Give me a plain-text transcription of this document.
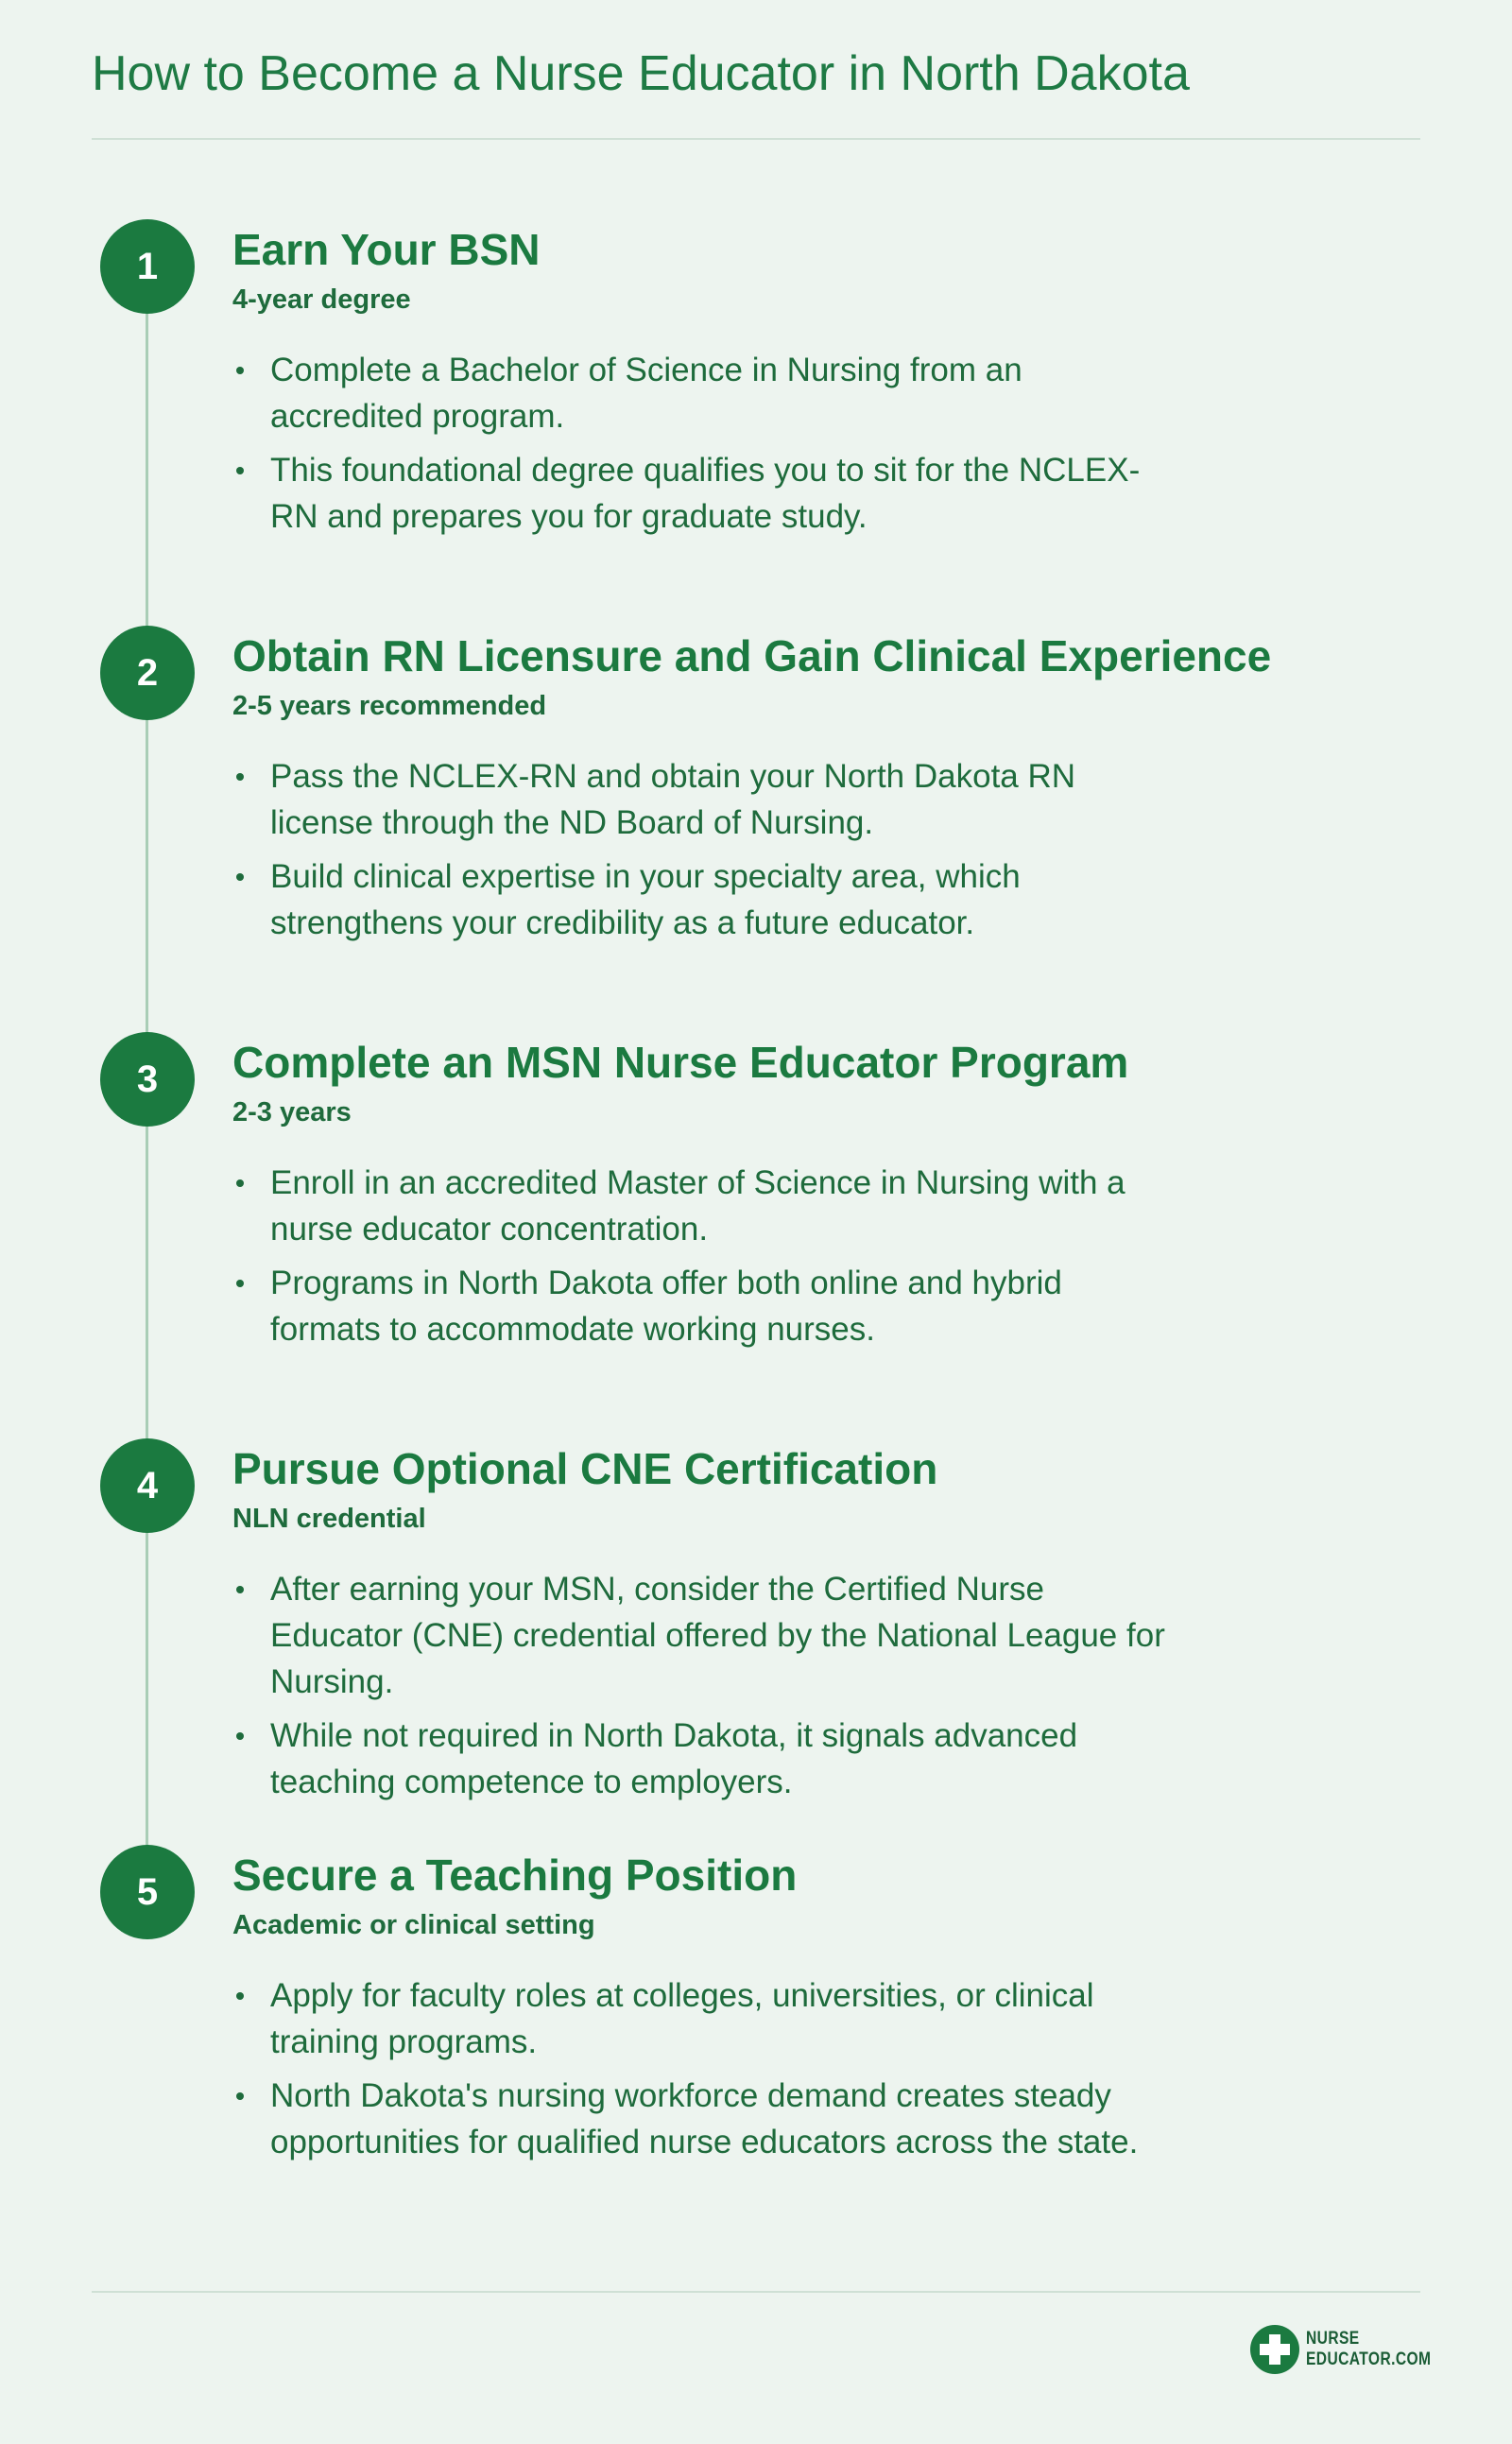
How to Become a Nurse Educator in North Dakota
1	Earn Your BSN
4-year degree
Complete a Bachelor of Science in Nursing from an accredited program.
This foundational degree qualifies you to sit for the NCLEX-RN and prepares you for graduate study.
2	Obtain RN Licensure and Gain Clinical Experience
2-5 years recommended
Pass the NCLEX-RN and obtain your North Dakota RN license through the ND Board of Nursing.
Build clinical expertise in your specialty area, which strengthens your credibility as a future educator.
3	Complete an MSN Nurse Educator Program
2-3 years
Enroll in an accredited Master of Science in Nursing with a nurse educator concentration.
Programs in North Dakota offer both online and hybrid formats to accommodate working nurses.
4	Pursue Optional CNE Certification
NLN credential
After earning your MSN, consider the Certified Nurse Educator (CNE) credential offered by the National League for Nursing.
While not required in North Dakota, it signals advanced teaching competence to employers.
5	Secure a Teaching Position
Academic or clinical setting
Apply for faculty roles at colleges, universities, or clinical training programs.
North Dakota's nursing workforce demand creates steady opportunities for qualified nurse educators across the state.
NURSE
EDUCATOR.COM
